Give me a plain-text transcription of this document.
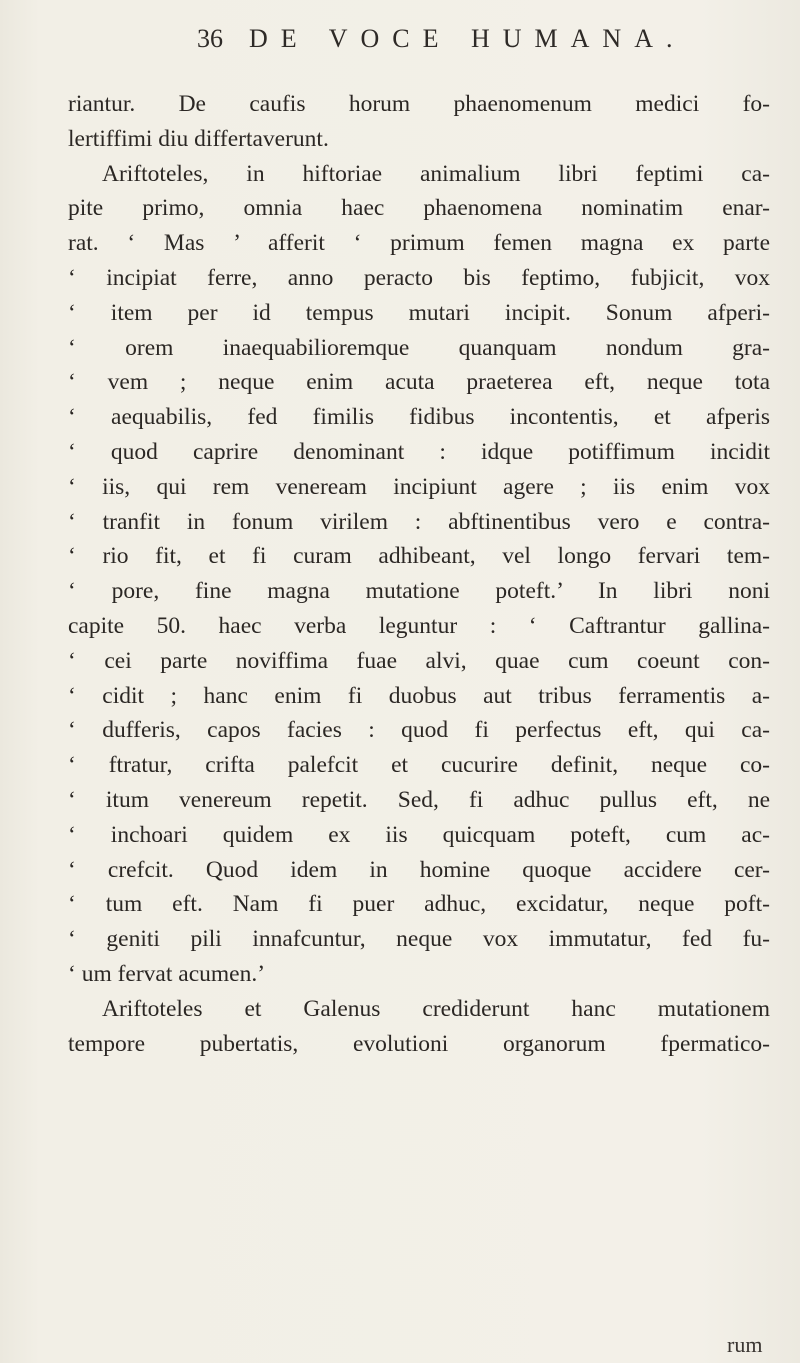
36 DE VOCE HUMANA.
riantur. De caufis horum phaenomenum medici fo-
lertiffimi diu differtaverunt.
Ariftoteles, in hiftoriae animalium libri feptimi ca-
pite primo, omnia haec phaenomena nominatim enar-
rat. ‘ Mas ’ afferit ‘ primum femen magna ex parte
‘ incipiat ferre, anno peracto bis feptimo, fubjicit, vox
‘ item per id tempus mutari incipit. Sonum afperi-
‘ orem inaequabilioremque quanquam nondum gra-
‘ vem ; neque enim acuta praeterea eft, neque tota
‘ aequabilis, fed fimilis fidibus incontentis, et afperis
‘ quod caprire denominant : idque potiffimum incidit
‘ iis, qui rem veneream incipiunt agere ; iis enim vox
‘ tranfit in fonum virilem : abftinentibus vero e contra-
‘ rio fit, et fi curam adhibeant, vel longo fervari tem-
‘ pore, fine magna mutatione poteft.’ In libri noni
capite 50. haec verba leguntur : ‘ Caftrantur gallina-
‘ cei parte noviffima fuae alvi, quae cum coeunt con-
‘ cidit ; hanc enim fi duobus aut tribus ferramentis a-
‘ dufferis, capos facies : quod fi perfectus eft, qui ca-
‘ ftratur, crifta palefcit et cucurire definit, neque co-
‘ itum venereum repetit. Sed, fi adhuc pullus eft, ne
‘ inchoari quidem ex iis quicquam poteft, cum ac-
‘ crefcit. Quod idem in homine quoque accidere cer-
‘ tum eft. Nam fi puer adhuc, excidatur, neque poft-
‘ geniti pili innafcuntur, neque vox immutatur, fed fu-
‘ um fervat acumen.’
Ariftoteles et Galenus crediderunt hanc mutationem
tempore pubertatis, evolutioni organorum fpermatico-
rum
